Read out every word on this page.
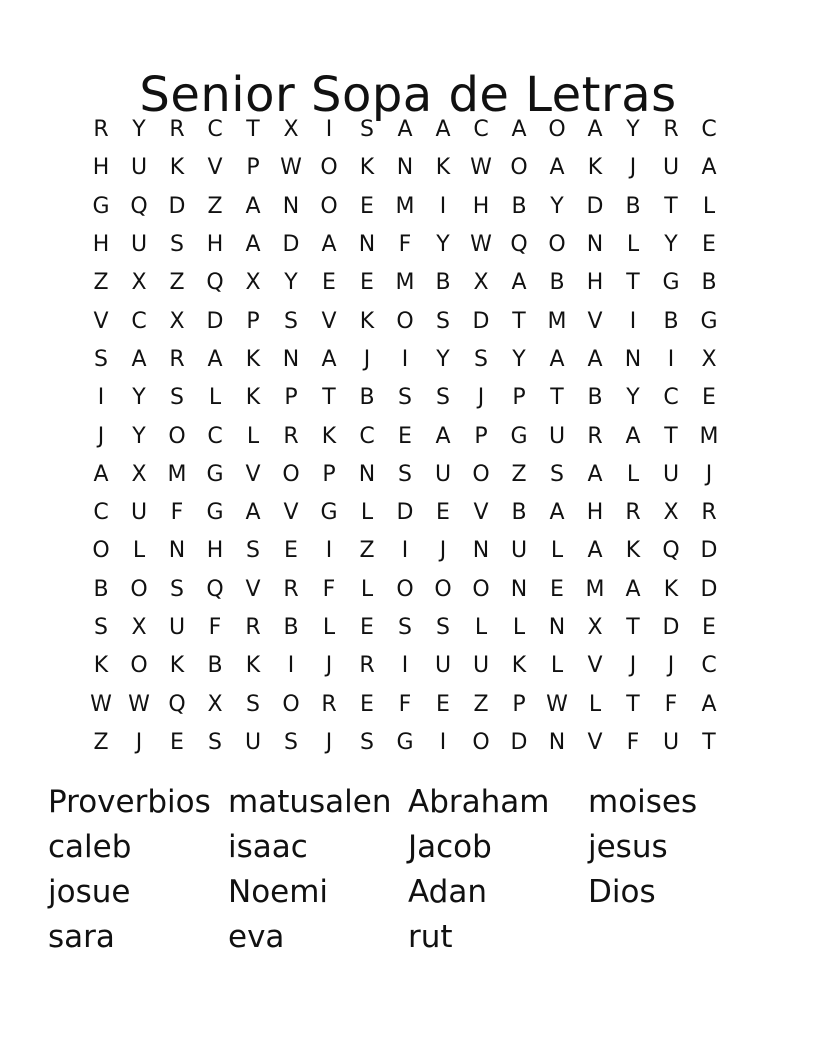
Senior Sopa de Letras
R	Y	R	C	T	X	I	S	A	A	C	A O A	Y	R	C
H U	K	V	P W O	K	N	K W O A	K	J	U	A
G Q D Z	A	N O	E M	I	H	B	Y	D B	T	L
H U	S	H	A D	A	N	F	Y W Q O N	L	Y	E
Z	X	Z Q X	Y	E	E M B	X	A	B	H	T	G B
V	C	X D	P	S	V	K	O	S	D	T M V	I	B G
S	A	R	A	K	N	A	J	I	Y	S	Y	A	A	N	I	X
I	Y	S	L	K	P	T	B	S	S	J	P	T	B	Y	C	E
J	Y	O C	L	R	K	C	E	A	P	G U	R	A	T M
A	X M G V O	P	N	S	U O Z	S	A	L	U	J
C	U	F	G A	V G	L	D	E	V	B	A	H	R	X	R
O	L	N H	S	E	I	Z	I	J	N U	L	A	K	Q D
B O	S	Q V	R	F	L	O O O N	E M A	K	D
S	X	U	F	R	B	L	E	S	S	L	L	N	X	T	D	E
K	O	K	B	K	I	J	R	I	U U	K	L	V	J	J	C
W W Q X	S	O R	E	F	E	Z	P W L	T	F	A
Z	J	E	S	U	S	J	S	G	I	O D N	V	F	U	T
Proverbios matusalen Abraham	moises
caleb	isaac	Jacob	jesus
josue	Noemi	Adan	Dios
sara	eva	rut
